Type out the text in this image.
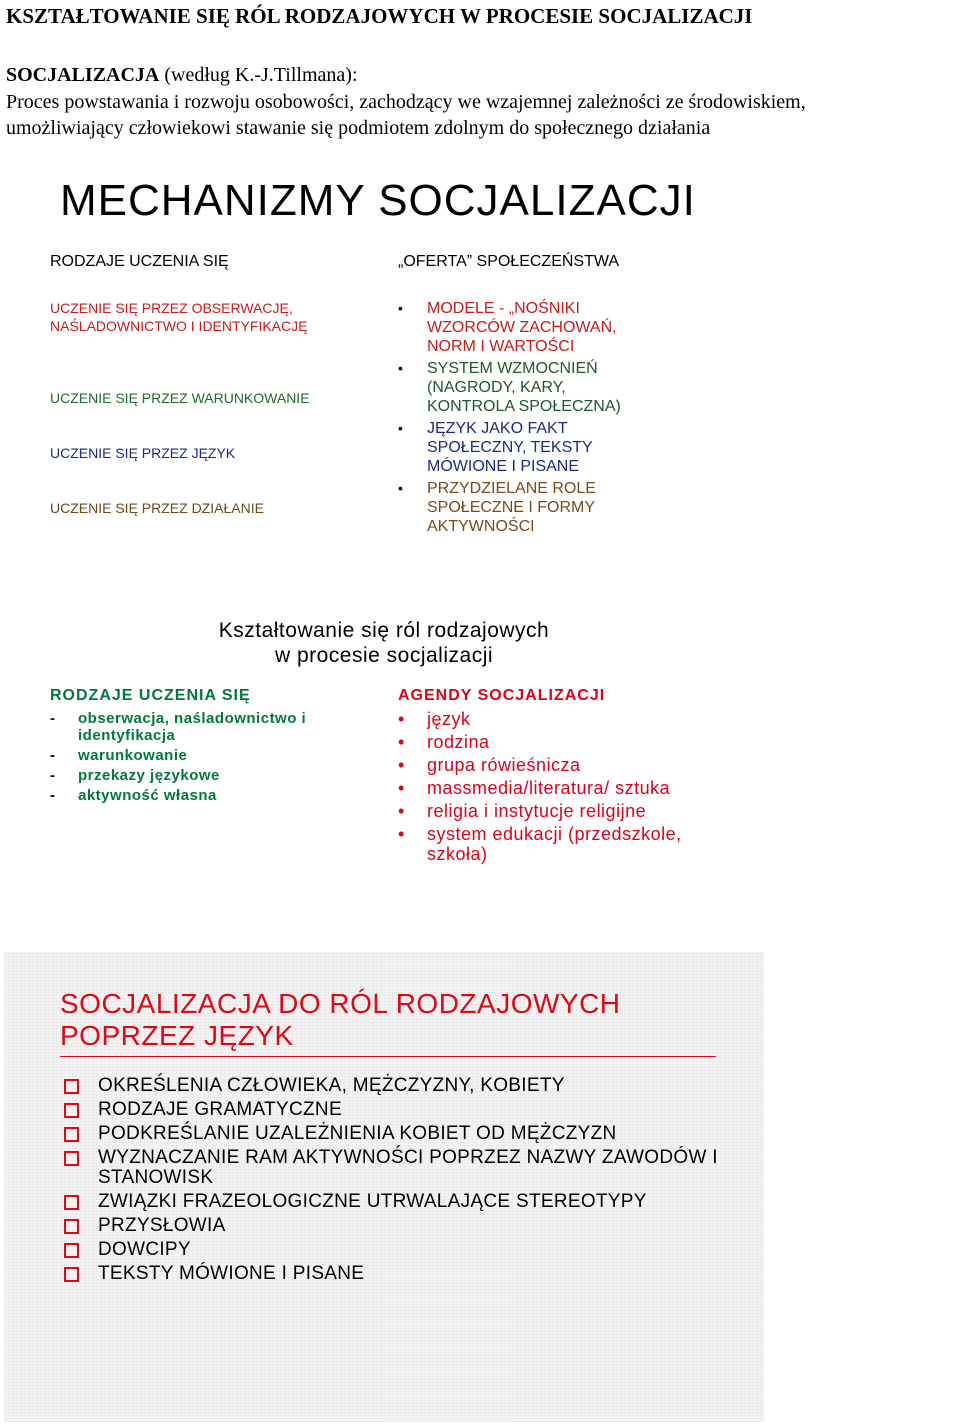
KSZTAŁTOWANIE SIĘ RÓL RODZAJOWYCH W PROCESIE SOCJALIZACJI
SOCJALIZACJA (według K.-J.Tillmana):
Proces powstawania i rozwoju osobowości, zachodzący we wzajemnej zależności ze środowiskiem,
umożliwiający człowiekowi stawanie się podmiotem zdolnym do społecznego działania
MECHANIZMY SOCJALIZACJI
RODZAJE UCZENIA SIĘ	„OFERTA” SPOŁECZEŃSTWA
UCZENIE SIĘ PRZEZ OBSERWACJĘ, NAŚLADOWNICTWO I IDENTYFIKACJĘ
UCZENIE SIĘ PRZEZ WARUNKOWANIE
UCZENIE SIĘ PRZEZ JĘZYK
UCZENIE SIĘ PRZEZ DZIAŁANIE
• MODELE - „NOŚNIKI
WZORCÓW ZACHOWAŃ,
NORM I WARTOŚCI
• SYSTEM WZMOCNIEŃ
(NAGRODY, KARY,
KONTROLA SPOŁECZNA)
• JĘZYK JAKO FAKT
SPOŁECZNY, TEKSTY
MÓWIONE I PISANE
• PRZYDZIELANE ROLE
SPOŁECZNE I FORMY
AKTYWNOŚCI
Kształtowanie się ról rodzajowych
w procesie socjalizacji
RODZAJE UCZENIA SIĘ
- obserwacja, naśladownictwo i identyfikacja
- warunkowanie
- przekazy językowe
- aktywność własna
AGENDY SOCJALIZACJI
• język
• rodzina
• grupa rówieśnicza
• massmedia/literatura/ sztuka
• religia i instytucje religijne
• system edukacji (przedszkole, szkoła)
SOCJALIZACJA DO RÓL RODZAJOWYCH
POPRZEZ JĘZYK
OKREŚLENIA CZŁOWIEKA, MĘŻCZYZNY, KOBIETY
RODZAJE GRAMATYCZNE
PODKREŚLANIE UZALEŻNIENIA KOBIET OD MĘŻCZYZN
WYZNACZANIE RAM AKTYWNOŚCI POPRZEZ NAZWY ZAWODÓW I STANOWISK
ZWIĄZKI FRAZEOLOGICZNE UTRWALAJĄCE STEREOTYPY
PRZYSŁOWIA
DOWCIPY
TEKSTY MÓWIONE I PISANE
